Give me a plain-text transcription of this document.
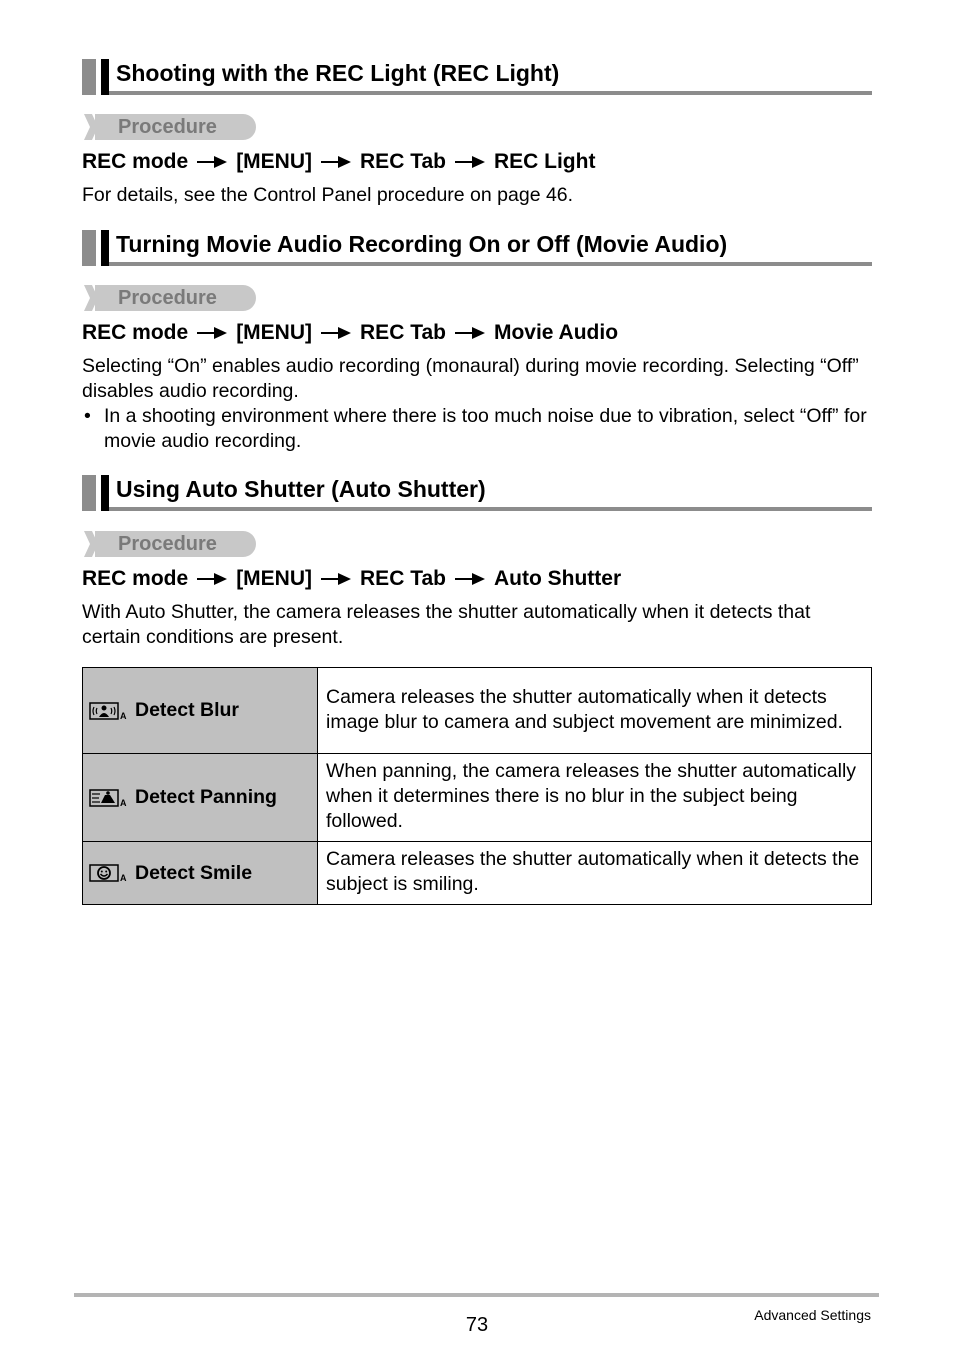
Shooting with the REC Light (REC Light)
Procedure
REC mode [MENU] REC Tab REC Light
For details, see the Control Panel procedure on page 46.
Turning Movie Audio Recording On or Off (Movie Audio)
Procedure
REC mode [MENU] REC Tab Movie Audio
Selecting “On” enables audio recording (monaural) during movie recording. Selecting “Off” disables audio recording.
• In a shooting environment where there is too much noise due to vibration, select “Off” for movie audio recording.
Using Auto Shutter (Auto Shutter)
Procedure
REC mode [MENU] REC Tab Auto Shutter
With Auto Shutter, the camera releases the shutter automatically when it detects that certain conditions are present.
A Detect Blur	Camera releases the shutter automatically when it detects image blur to camera and subject movement are minimized.

A Detect Panning	When panning, the camera releases the shutter automatically when it determines there is no blur in the subject being followed.

A Detect Smile	Camera releases the shutter automatically when it detects the subject is smiling.
73	Advanced Settings
